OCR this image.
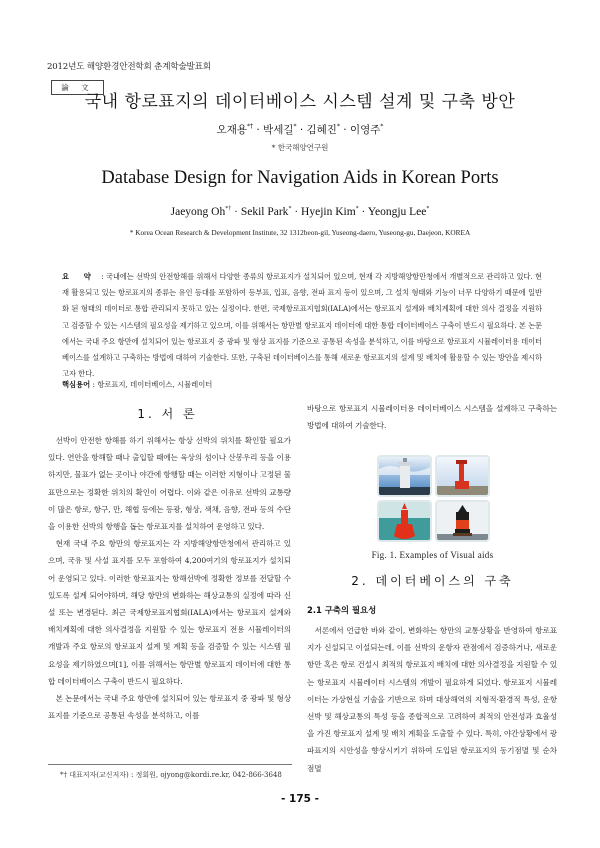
2012년도 해양환경안전학회 춘계학술발표회
論 文
국내 항로표지의 데이터베이스 시스템 설계 및 구축 방안
오재용*† · 박세길* · 김혜진* · 이영주*
* 한국해양연구원
Database Design for Navigation Aids in Korean Ports
Jaeyong Oh*† · Sekil Park* · Hyejin Kim* · Yeongju Lee*
* Korea Ocean Research & Development Institute, 32 1312beon-gil, Yuseong-daero, Yuseong-gu, Daejeon, KOREA
요 약 : 국내에는 선박의 안전항해를 위해서 다양한 종류의 항로표지가 설치되어 있으며, 현재 각 지방해양항만청에서 개별적으로 관리하고 있다. 현재 활용되고 있는 항로표지의 종류는 유인 등대를 포함하여 등부표, 입표, 음향, 전파 표지 등이 있으며, 그 설치 형태와 기능이 너무 다양하기 때문에 일반화 된 형태의 데이터로 통합 관리되지 못하고 있는 실정이다. 한편, 국제항로표지협회(IALA)에서는 항로표지 설계와 배치계획에 대한 의사 결정을 지원하고 검증할 수 있는 시스템의 필요성을 제기하고 있으며, 이를 위해서는 항만별 항로표지 데이터에 대한 통합 데이터베이스 구축이 반드시 필요하다. 본 논문에서는 국내 주요 항만에 설치되어 있는 항로표지 중 광파 및 형상 표지를 기준으로 공통된 속성을 분석하고, 이를 바탕으로 항로표지 시뮬레이터용 데이터베이스를 설계하고 구축하는 방법에 대하여 기술한다. 또한, 구축된 데이터베이스를 통해 새로운 항로표지의 설계 및 배치에 활용할 수 있는 방안을 제시하고자 한다.
핵심용어 : 항로표지, 데이터베이스, 시뮬레이터
1. 서 론

선박이 안전한 항해를 하기 위해서는 항상 선박의 위치를 확인할 필요가 있다. 연안을 항해할 때나 출입할 때에는 육상의 섬이나 산봉우리 등을 이용하지만, 물표가 없는 곳이나 야간에 항행할 때는 이러한 지형이나 고정된 물표만으로는 정확한 위치의 확인이 어렵다. 이와 같은 이유로 선박의 교통량이 많은 항로, 항구, 만, 해협 등에는 등광, 형상, 색채, 음향, 전파 등의 수단을 이용한 선박의 항행을 돕는 항로표지를 설치하여 운영하고 있다.

현재 국내 주요 항만의 항로표지는 각 지방해양항만청에서 관리하고 있으며, 국유 및 사설 표지를 모두 포함하여 4,200여기의 항로표지가 설치되어 운영되고 있다. 이러한 항로표지는 항해선박에 정확한 정보를 전달할 수 있도록 설계 되어야하며, 해당 항만의 변화하는 해상교통의 실정에 따라 신설 또는 변경된다. 최근 국제항로표지협회(IALA)에서는 항로표지 설계와 배치계획에 대한 의사결정을 지원할 수 있는 항로표지 전용 시뮬레이터의 개발과 주요 항로의 항로표지 설계 및 계획 등을 검증할 수 있는 시스템 필요성을 제기하였으며[1], 이를 위해서는 항만별 항로표지 데이터에 대한 통합 데이터베이스 구축이 반드시 필요하다.

본 논문에서는 국내 주요 항만에 설치되어 있는 항로표지 중 광파 및 형상 표지를 기준으로 공통된 속성을 분석하고, 이를

바탕으로 항로표지 시뮬레이터용 데이터베이스 시스템을 설계하고 구축하는 방법에 대하여 기술한다.

Fig. 1. Examples of Visual aids
2. 데이터베이스의 구축
2.1 구축의 필요성

서론에서 언급한 바와 같이, 변화하는 항만의 교통상황을 반영하여 항로표지가 신설되고 이설되는데, 이를 선박의 운항자 관점에서 검증하거나, 새로운 항만 혹은 항로 건설시 최적의 항로표지 배치에 대한 의사결정을 지원할 수 있는 항로표지 시뮬레이터 시스템의 개발이 필요하게 되었다. 항로표지 시뮬레이터는 가상현실 기술을 기반으로 하며 대상해역의 지형적·환경적 특성, 운항선박 및 해상교통의 특성 등을 종합적으로 고려하여 최적의 안전성과 효율성을 가진 항로표지 설계 및 배치 계획을 도출할 수 있다. 특히, 야간상황에서 광파표지의 시안성을 향상시키기 위하여 도입된 항로표지의 동기점멸 및 순차점멸

*† 대표저자(교신저자) : 정회원, ojyong@kordi.re.kr, 042-866-3648
- 175 -
